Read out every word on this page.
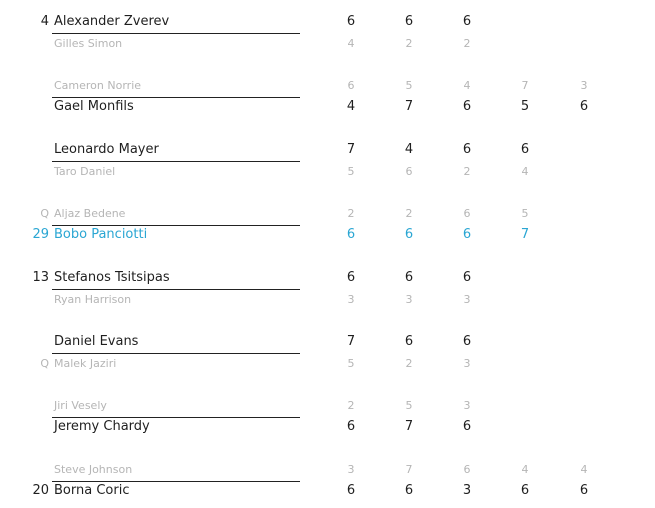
4 Alexander Zverev	6	6	6
Gilles Simon	4	2	2
Cameron Norrie	6	5	4	7	3
Gael Monfils	4	7	6	5	6
Leonardo Mayer	7	4	6	6
Taro Daniel	5	6	2	4
Q Aljaz Bedene	2	2	6	5
29 Bobo Panciotti	6	6	6	7
13 Stefanos Tsitsipas	6	6	6
Ryan Harrison	3	3	3
Daniel Evans	7	6	6
Q Malek Jaziri	5	2	3
Jiri Vesely	2	5	3
Jeremy Chardy	6	7	6
Steve Johnson	3	7	6	4	4
20 Borna Coric	6	6	3	6	6
